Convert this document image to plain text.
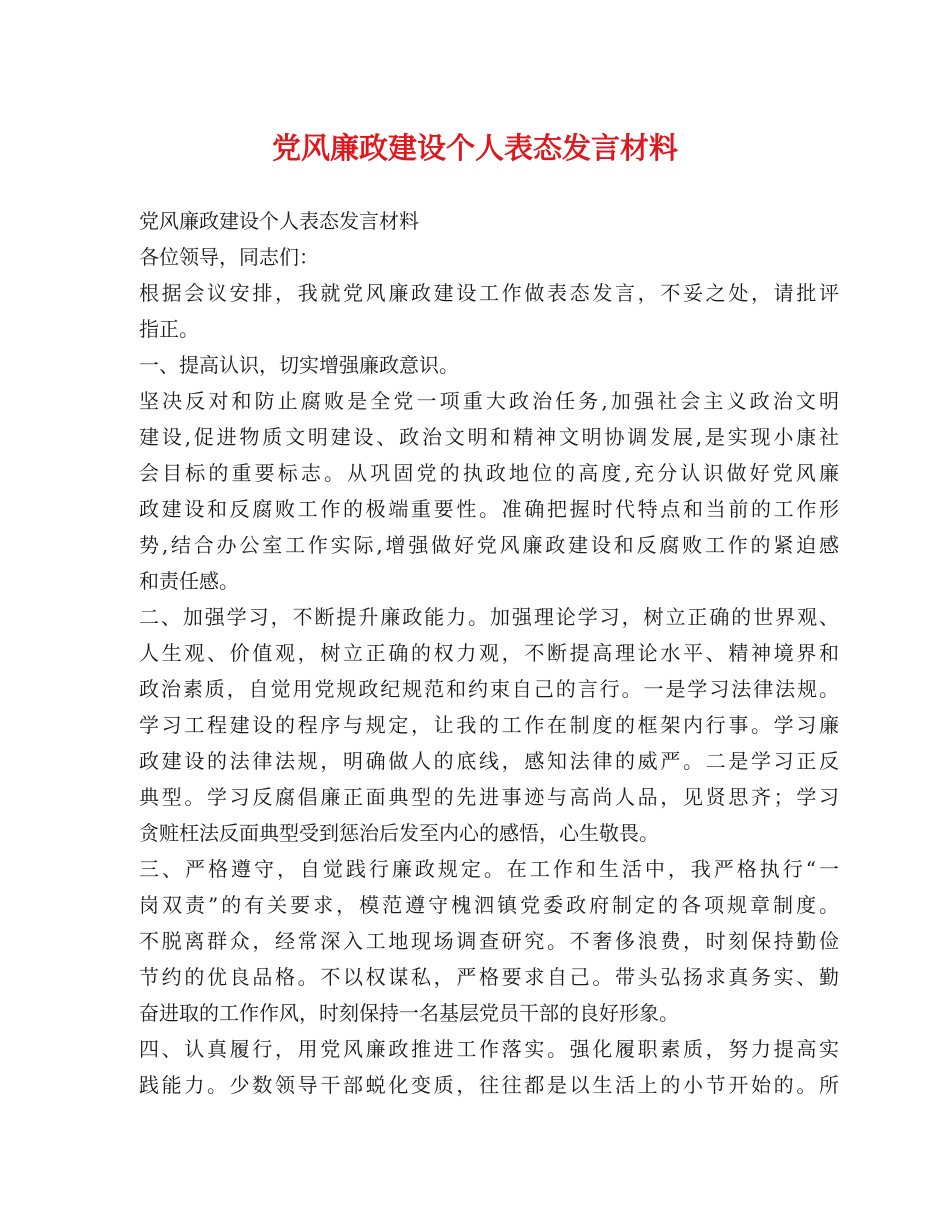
党风廉政建设个人表态发言材料
党风廉政建设个人表态发言材料
各位领导，同志们：
根据会议安排，我就党风廉政建设工作做表态发言，不妥之处，请批评
指正。
一、提高认识，切实增强廉政意识。
坚决反对和防止腐败是全党一项重大政治任务,加强社会主义政治文明
建设,促进物质文明建设、政治文明和精神文明协调发展,是实现小康社
会目标的重要标志。从巩固党的执政地位的高度,充分认识做好党风廉
政建设和反腐败工作的极端重要性。准确把握时代特点和当前的工作形
势,结合办公室工作实际,增强做好党风廉政建设和反腐败工作的紧迫感
和责任感。
二、加强学习，不断提升廉政能力。加强理论学习，树立正确的世界观、
人生观、价值观，树立正确的权力观，不断提高理论水平、精神境界和
政治素质，自觉用党规政纪规范和约束自己的言行。一是学习法律法规。
学习工程建设的程序与规定，让我的工作在制度的框架内行事。学习廉
政建设的法律法规，明确做人的底线，感知法律的威严。二是学习正反
典型。学习反腐倡廉正面典型的先进事迹与高尚人品，见贤思齐；学习
贪赃枉法反面典型受到惩治后发至内心的感悟，心生敬畏。
三、严格遵守，自觉践行廉政规定。在工作和生活中，我严格执行“一
岗双责”的有关要求，模范遵守槐泗镇党委政府制定的各项规章制度。
不脱离群众，经常深入工地现场调查研究。不奢侈浪费，时刻保持勤俭
节约的优良品格。不以权谋私，严格要求自己。带头弘扬求真务实、勤
奋进取的工作作风，时刻保持一名基层党员干部的良好形象。
四、认真履行，用党风廉政推进工作落实。强化履职素质，努力提高实
践能力。少数领导干部蜕化变质，往往都是以生活上的小节开始的。所
